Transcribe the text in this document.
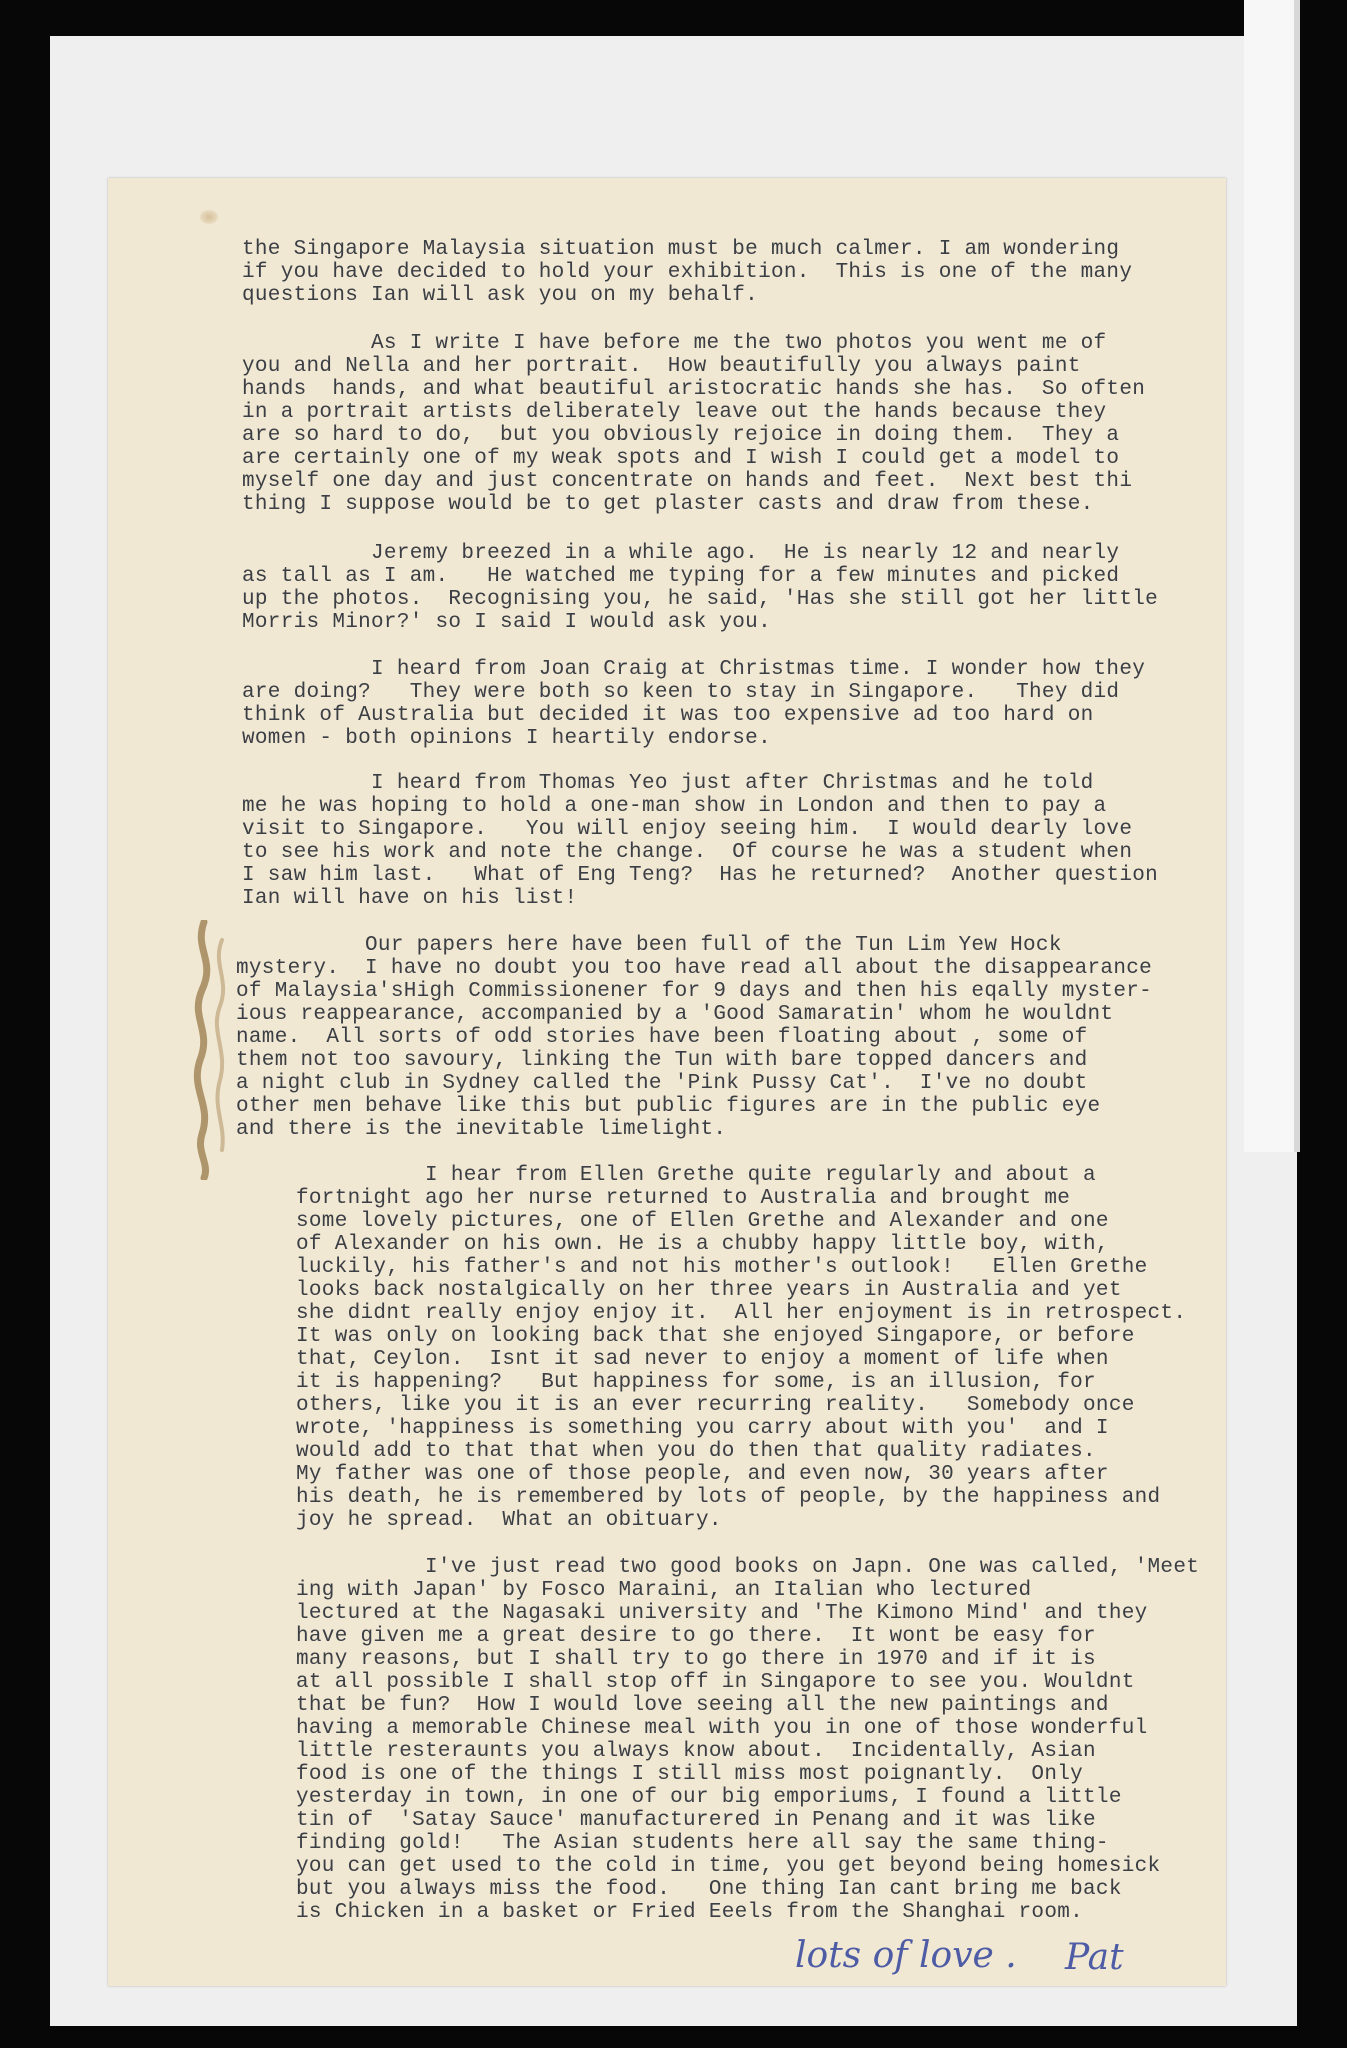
the Singapore Malaysia situation must be much calmer. I am wondering
if you have decided to hold your exhibition.  This is one of the many
questions Ian will ask you on my behalf.
As I write I have before me the two photos you went me of
you and Nella and her portrait.  How beautifully you always paint
hands  hands, and what beautiful aristocratic hands she has.  So often
in a portrait artists deliberately leave out the hands because they
are so hard to do,  but you obviously rejoice in doing them.  They a
are certainly one of my weak spots and I wish I could get a model to
myself one day and just concentrate on hands and feet.  Next best thi
thing I suppose would be to get plaster casts and draw from these.
Jeremy breezed in a while ago.  He is nearly 12 and nearly
as tall as I am.   He watched me typing for a few minutes and picked
up the photos.  Recognising you, he said, 'Has she still got her little
Morris Minor?' so I said I would ask you.
I heard from Joan Craig at Christmas time. I wonder how they
are doing?   They were both so keen to stay in Singapore.   They did
think of Australia but decided it was too expensive ad too hard on
women - both opinions I heartily endorse.
I heard from Thomas Yeo just after Christmas and he told
me he was hoping to hold a one-man show in London and then to pay a
visit to Singapore.   You will enjoy seeing him.  I would dearly love
to see his work and note the change.  Of course he was a student when
I saw him last.   What of Eng Teng?  Has he returned?  Another question
Ian will have on his list!
Our papers here have been full of the Tun Lim Yew Hock
mystery.  I have no doubt you too have read all about the disappearance
of Malaysia'sHigh Commissionener for 9 days and then his eqally myster-
ious reappearance, accompanied by a 'Good Samaratin' whom he wouldnt
name.  All sorts of odd stories have been floating about , some of
them not too savoury, linking the Tun with bare topped dancers and
a night club in Sydney called the 'Pink Pussy Cat'.  I've no doubt
other men behave like this but public figures are in the public eye
and there is the inevitable limelight.
I hear from Ellen Grethe quite regularly and about a
fortnight ago her nurse returned to Australia and brought me
some lovely pictures, one of Ellen Grethe and Alexander and one
of Alexander on his own. He is a chubby happy little boy, with,
luckily, his father's and not his mother's outlook!   Ellen Grethe
looks back nostalgically on her three years in Australia and yet
she didnt really enjoy enjoy it.  All her enjoyment is in retrospect.
It was only on looking back that she enjoyed Singapore, or before
that, Ceylon.  Isnt it sad never to enjoy a moment of life when
it is happening?   But happiness for some, is an illusion, for
others, like you it is an ever recurring reality.   Somebody once
wrote, 'happiness is something you carry about with you'  and I
would add to that that when you do then that quality radiates.
My father was one of those people, and even now, 30 years after
his death, he is remembered by lots of people, by the happiness and
joy he spread.  What an obituary.
I've just read two good books on Japn. One was called, 'Meet
ing with Japan' by Fosco Maraini, an Italian who lectured
lectured at the Nagasaki university and 'The Kimono Mind' and they
have given me a great desire to go there.  It wont be easy for
many reasons, but I shall try to go there in 1970 and if it is
at all possible I shall stop off in Singapore to see you. Wouldnt
that be fun?  How I would love seeing all the new paintings and
having a memorable Chinese meal with you in one of those wonderful
little resteraunts you always know about.  Incidentally, Asian
food is one of the things I still miss most poignantly.  Only
yesterday in town, in one of our big emporiums, I found a little
tin of  'Satay Sauce' manufacturered in Penang and it was like
finding gold!   The Asian students here all say the same thing-
you can get used to the cold in time, you get beyond being homesick
but you always miss the food.   One thing Ian cant bring me back
is Chicken in a basket or Fried Eeels from the Shanghai room.
lots of love . Pat
